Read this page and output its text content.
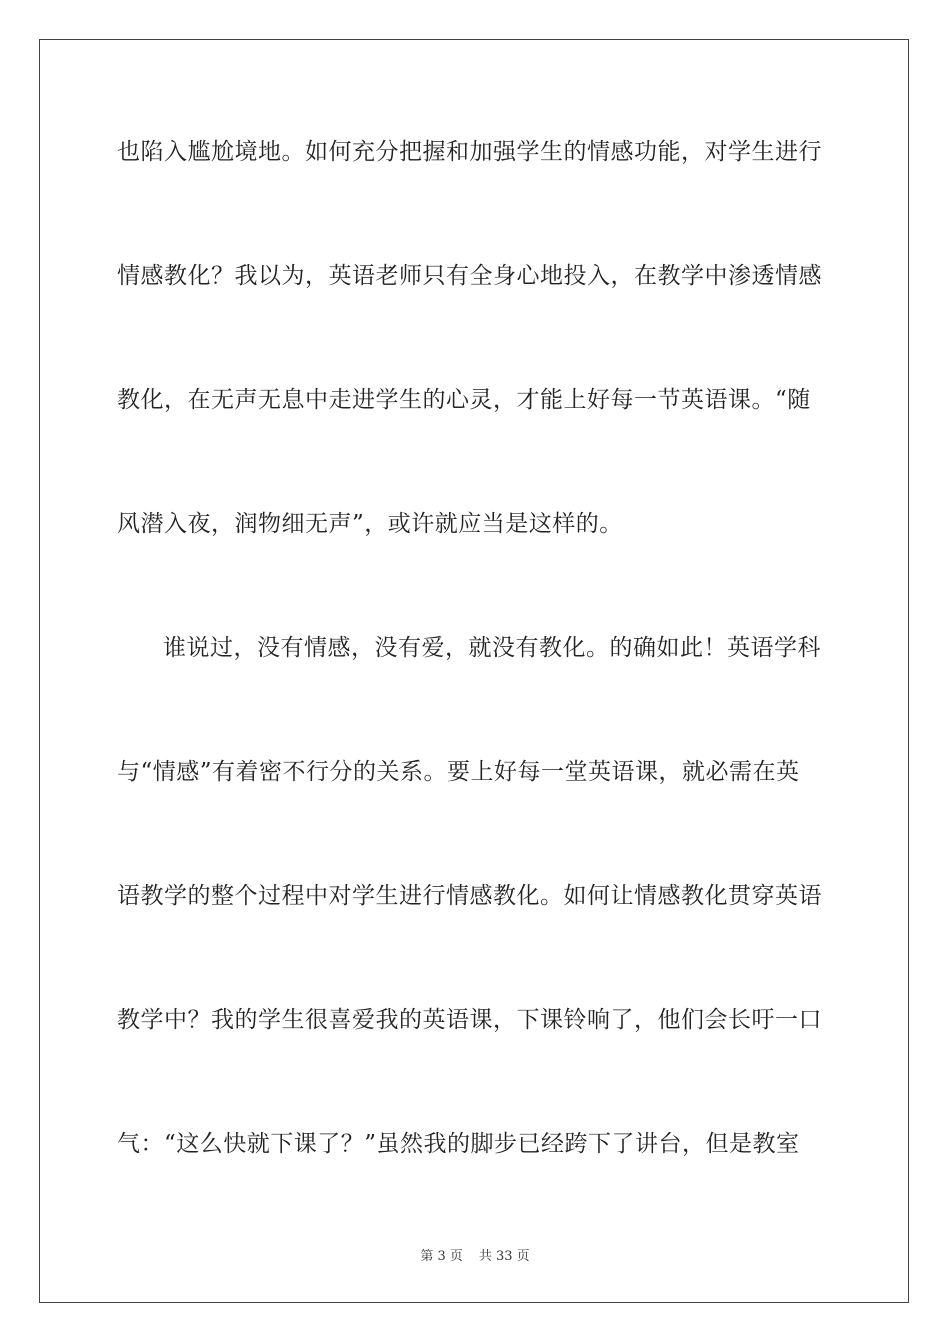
也陷入尴尬境地。如何充分把握和加强学生的情感功能，对学生进行
情感教化？我以为，英语老师只有全身心地投入，在教学中渗透情感
教化，在无声无息中走进学生的心灵，才能上好每一节英语课。“随
风潜入夜，润物细无声”，或许就应当是这样的。
谁说过，没有情感，没有爱，就没有教化。的确如此！英语学科
与“情感”有着密不行分的关系。要上好每一堂英语课，就必需在英
语教学的整个过程中对学生进行情感教化。如何让情感教化贯穿英语
教学中？我的学生很喜爱我的英语课，下课铃响了，他们会长吁一口
气：“这么快就下课了？”虽然我的脚步已经跨下了讲台，但是教室
第 3 页 共 33 页
